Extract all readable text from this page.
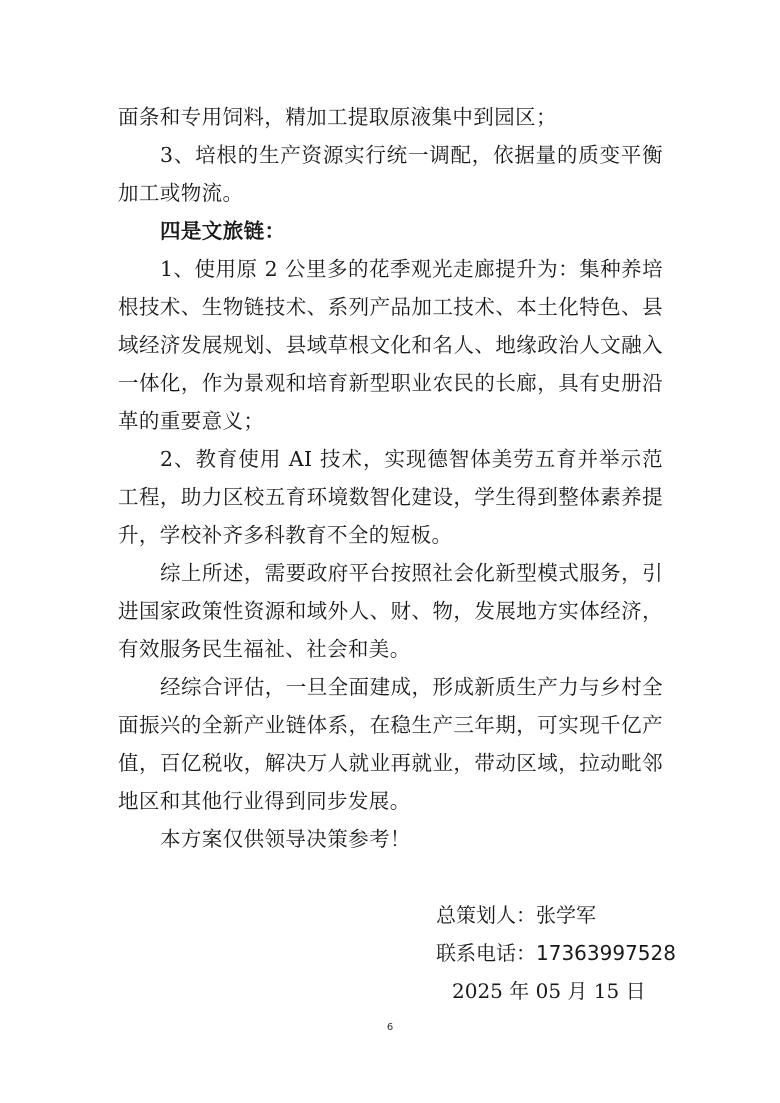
面条和专用饲料，精加工提取原液集中到园区；

3、培根的生产资源实行统一调配，依据量的质变平衡加工或物流。

四是文旅链：

1、使用原 2 公里多的花季观光走廊提升为：集种养培根技术、生物链技术、系列产品加工技术、本土化特色、县域经济发展规划、县域草根文化和名人、地缘政治人文融入一体化，作为景观和培育新型职业农民的长廊，具有史册沿革的重要意义；

2、教育使用 AI 技术，实现德智体美劳五育并举示范工程，助力区校五育环境数智化建设，学生得到整体素养提升，学校补齐多科教育不全的短板。

综上所述，需要政府平台按照社会化新型模式服务，引进国家政策性资源和域外人、财、物，发展地方实体经济，有效服务民生福祉、社会和美。

经综合评估，一旦全面建成，形成新质生产力与乡村全面振兴的全新产业链体系，在稳生产三年期，可实现千亿产值，百亿税收，解决万人就业再就业，带动区域，拉动毗邻地区和其他行业得到同步发展。

本方案仅供领导决策参考！

总策划人：张学军
联系电话：17363997528
2025 年 05 月 15 日
6
